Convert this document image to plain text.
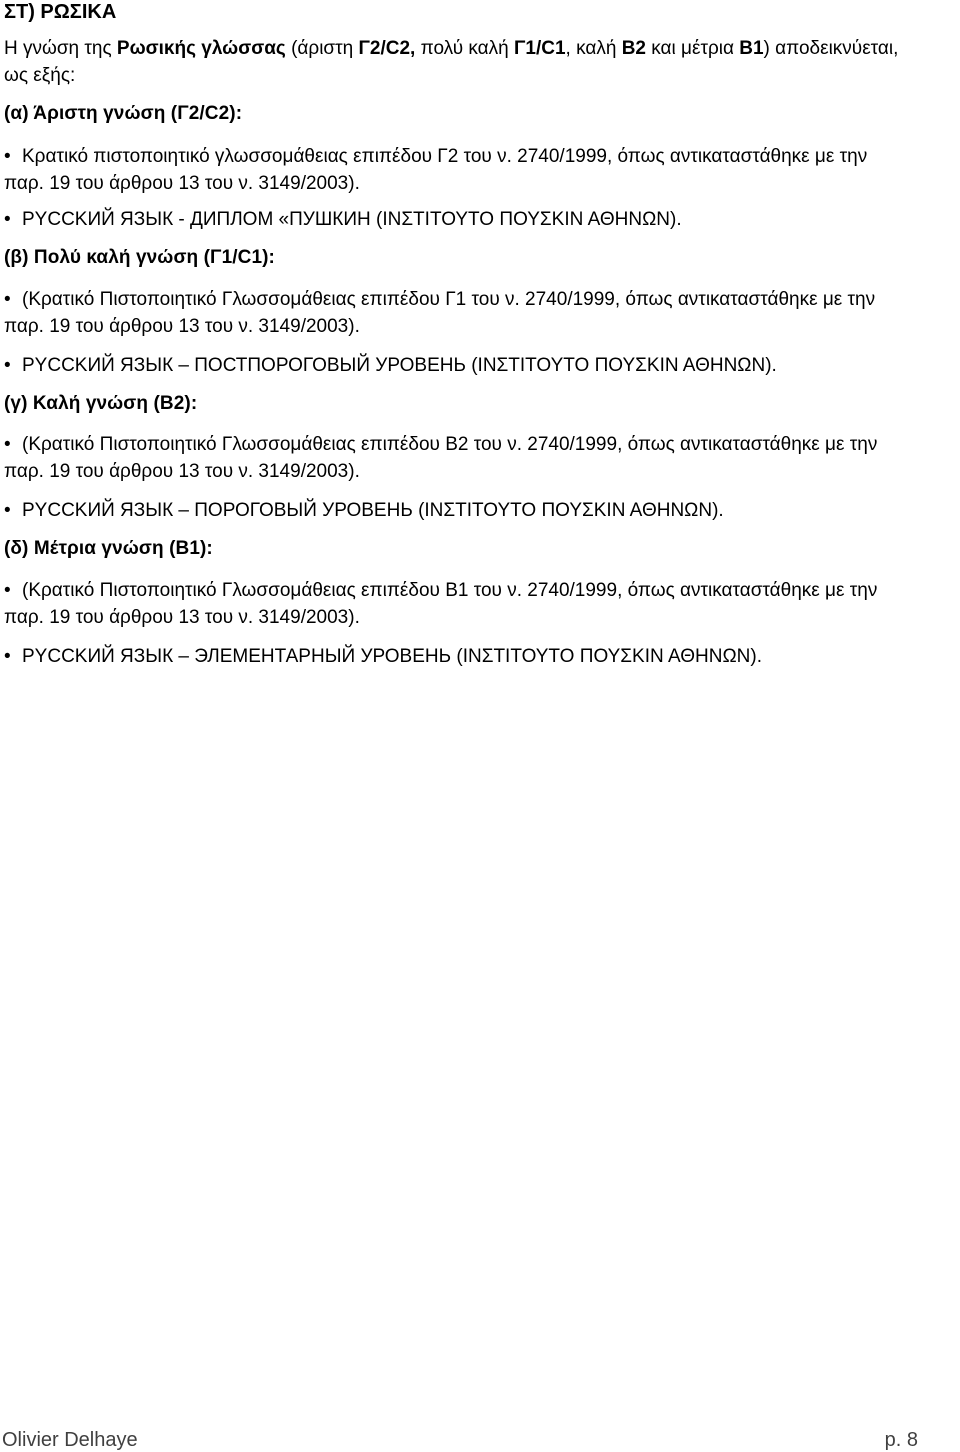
ΣΤ) ΡΩΣΙΚΑ
Η γνώση της Ρωσικής γλώσσας (άριστη Γ2/C2, πολύ καλή Γ1/C1, καλή Β2 και μέτρια Β1) αποδεικνύεται,
ως εξής:
(α) Άριστη γνώση (Γ2/C2):
• Κρατικό πιστοποιητικό γλωσσομάθειας επιπέδου Γ2 του ν. 2740/1999, όπως αντικαταστάθηκε με την
παρ. 19 του άρθρου 13 του ν. 3149/2003).
• ΡΥCCKИЙ ЯЗЫК - ДИПЛОМ «ПУШКИН (ΙΝΣΤΙΤΟΥΤΟ ΠΟΥΣΚΙΝ ΑΘΗΝΩΝ).
(β) Πολύ καλή γνώση (Γ1/C1):
• (Κρατικό Πιστοποιητικό Γλωσσομάθειας επιπέδου Γ1 του ν. 2740/1999, όπως αντικαταστάθηκε με την
παρ. 19 του άρθρου 13 του ν. 3149/2003).
• ΡΥCCKИЙ ЯЗЫК – ПОСТПОРОГОВЫЙ УРОВЕНЬ (ΙΝΣΤΙΤΟΥΤΟ ΠΟΥΣΚΙΝ ΑΘΗΝΩΝ).
(γ) Καλή γνώση (Β2):
• (Κρατικό Πιστοποιητικό Γλωσσομάθειας επιπέδου Β2 του ν. 2740/1999, όπως αντικαταστάθηκε με την
παρ. 19 του άρθρου 13 του ν. 3149/2003).
• ΡΥCCKИЙ ЯЗЫК – ПОРОГОВЫЙ УРОВЕНЬ (ΙΝΣΤΙΤΟΥΤΟ ΠΟΥΣΚΙΝ ΑΘΗΝΩΝ).
(δ) Μέτρια γνώση (Β1):
• (Κρατικό Πιστοποιητικό Γλωσσομάθειας επιπέδου Β1 του ν. 2740/1999, όπως αντικαταστάθηκε με την
παρ. 19 του άρθρου 13 του ν. 3149/2003).
• ΡΥCCKИЙ ЯЗЫК – ЭЛЕМЕНТАРНЫЙ УРОВЕНЬ (ΙΝΣΤΙΤΟΥΤΟ ΠΟΥΣΚΙΝ ΑΘΗΝΩΝ).
Olivier Delhaye	p. 8
